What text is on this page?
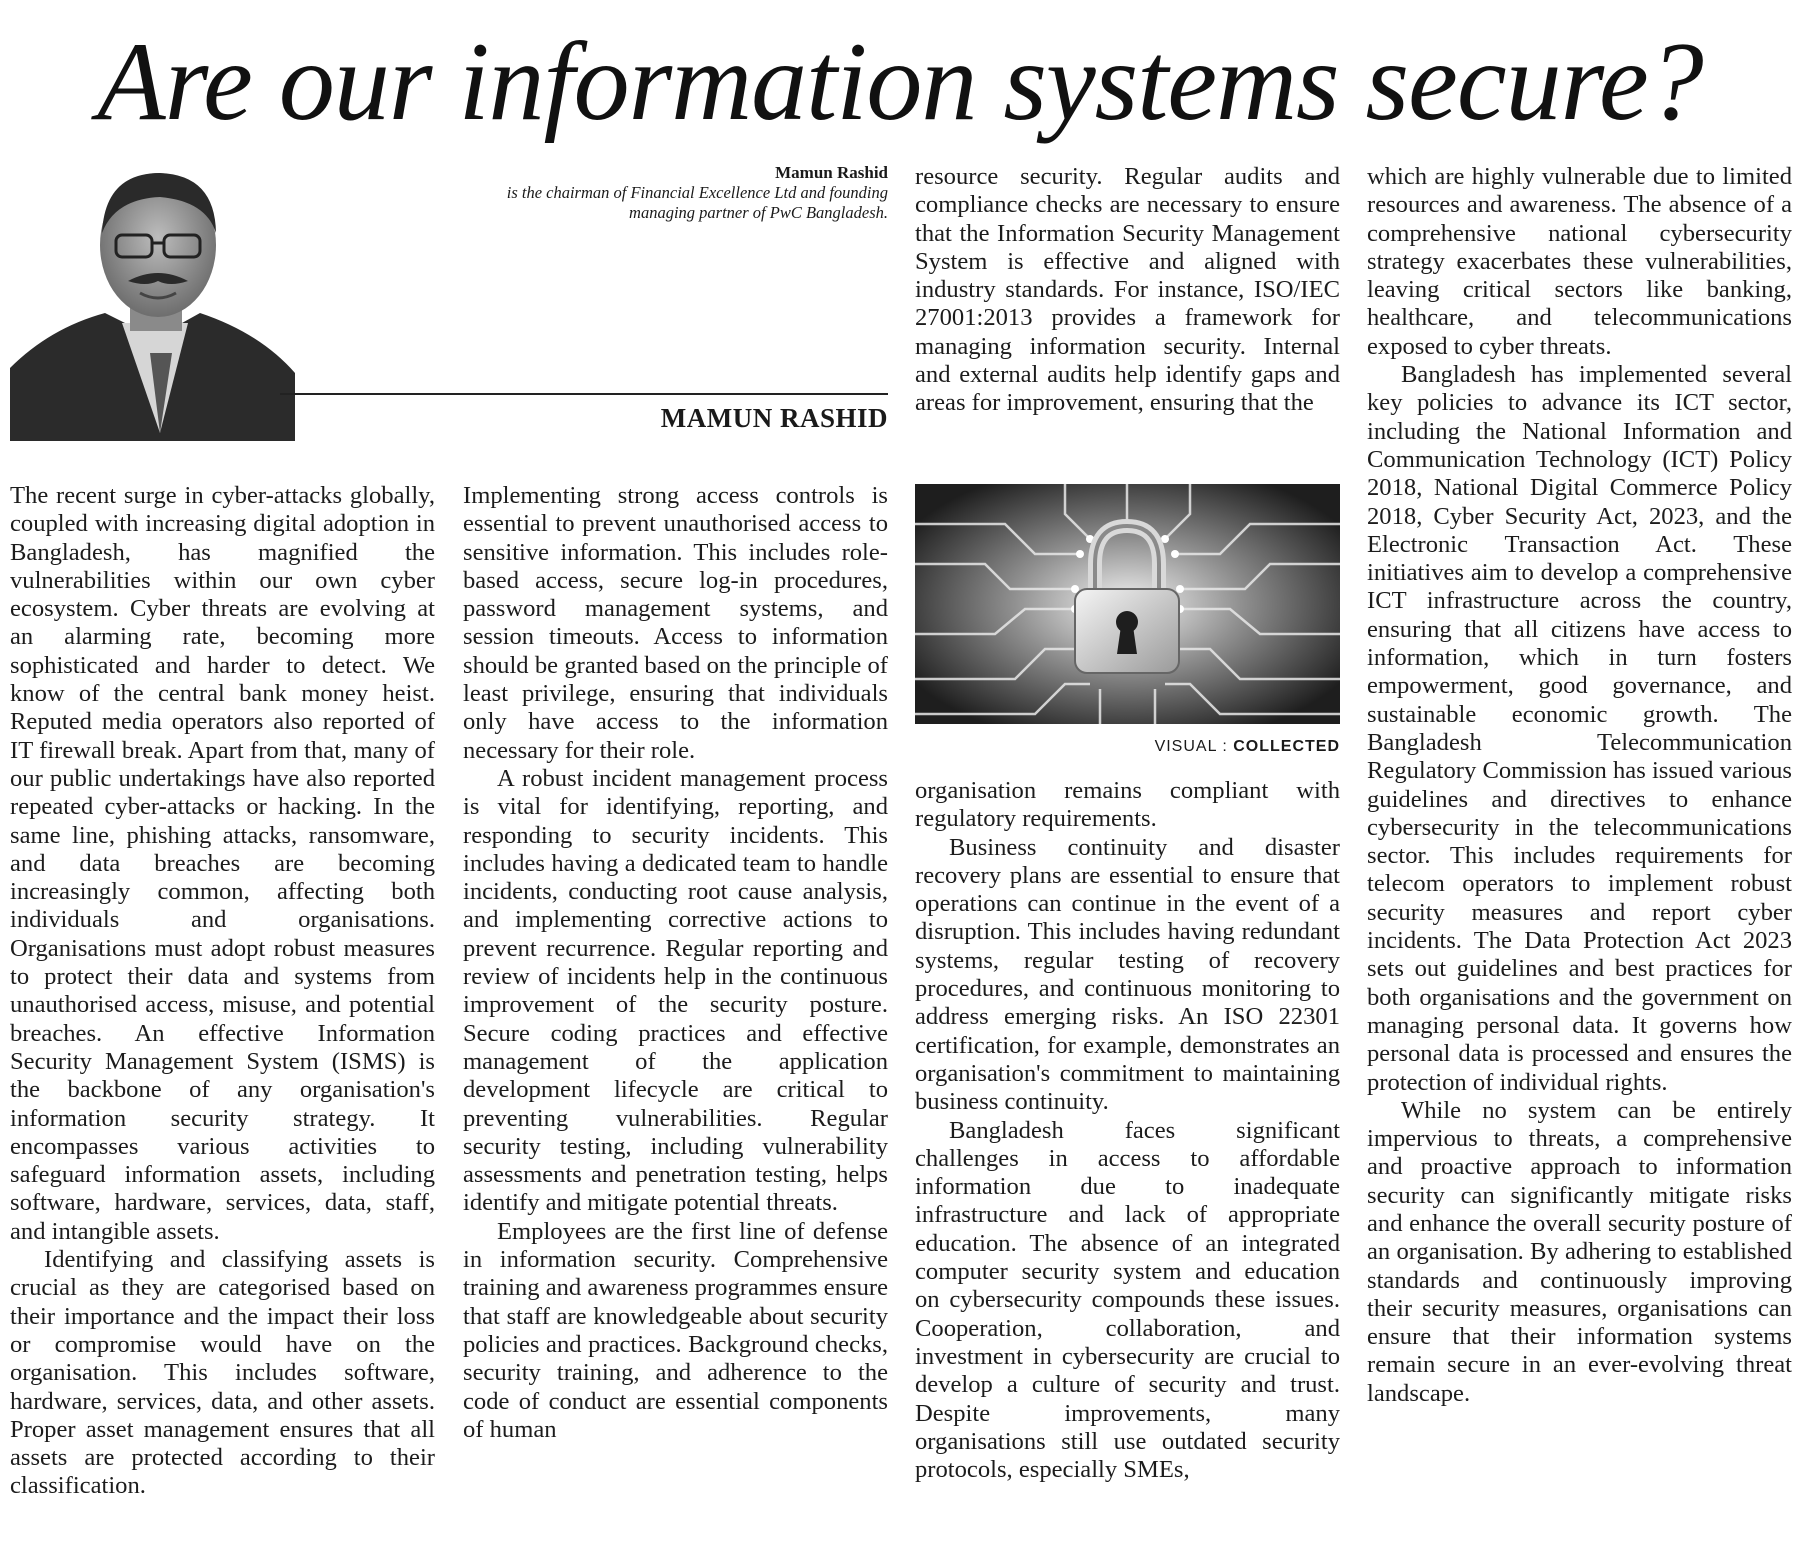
Are our information systems secure?
Mamun Rashid
is the chairman of Financial Excellence Ltd and founding managing partner of PwC Bangladesh.
MAMUN RASHID

The recent surge in cyber-attacks globally, coupled with increasing digital adoption in Bangladesh, has magnified the vulnerabilities within our own cyber ecosystem. Cyber threats are evolving at an alarming rate, becoming more sophisticated and harder to detect. We know of the central bank money heist. Reputed media operators also reported of IT firewall break. Apart from that, many of our public undertakings have also reported repeated cyber-attacks or hacking. In the same line, phishing attacks, ransomware, and data breaches are becoming increasingly common, affecting both individuals and organisations. Organisations must adopt robust measures to protect their data and systems from unauthorised access, misuse, and potential breaches. An effective Information Security Management System (ISMS) is the backbone of any organisation's information security strategy. It encompasses various activities to safeguard information assets, including software, hardware, services, data, staff, and intangible assets.

Identifying and classifying assets is crucial as they are categorised based on their importance and the impact their loss or compromise would have on the organisation. This includes software, hardware, services, data, and other assets. Proper asset management ensures that all assets are protected according to their classification.

Implementing strong access controls is essential to prevent unauthorised access to sensitive information. This includes role-based access, secure log-in procedures, password management systems, and session timeouts. Access to information should be granted based on the principle of least privilege, ensuring that individuals only have access to the information necessary for their role.

A robust incident management process is vital for identifying, reporting, and responding to security incidents. This includes having a dedicated team to handle incidents, conducting root cause analysis, and implementing corrective actions to prevent recurrence. Regular reporting and review of incidents help in the continuous improvement of the security posture. Secure coding practices and effective management of the application development lifecycle are critical to preventing vulnerabilities. Regular security testing, including vulnerability assessments and penetration testing, helps identify and mitigate potential threats.

Employees are the first line of defense in information security. Comprehensive training and awareness programmes ensure that staff are knowledgeable about security policies and practices. Background checks, security training, and adherence to the code of conduct are essential components of human

resource security. Regular audits and compliance checks are necessary to ensure that the Information Security Management System is effective and aligned with industry standards. For instance, ISO/IEC 27001:2013 provides a framework for managing information security. Internal and external audits help identify gaps and areas for improvement, ensuring that the

VISUAL : COLLECTED

organisation remains compliant with regulatory requirements.

Business continuity and disaster recovery plans are essential to ensure that operations can continue in the event of a disruption. This includes having redundant systems, regular testing of recovery procedures, and continuous monitoring to address emerging risks. An ISO 22301 certification, for example, demonstrates an organisation's commitment to maintaining business continuity.

Bangladesh faces significant challenges in access to affordable information due to inadequate infrastructure and lack of appropriate education. The absence of an integrated computer security system and education on cybersecurity compounds these issues. Cooperation, collaboration, and investment in cybersecurity are crucial to develop a culture of security and trust. Despite improvements, many organisations still use outdated security protocols, especially SMEs,

which are highly vulnerable due to limited resources and awareness. The absence of a comprehensive national cybersecurity strategy exacerbates these vulnerabilities, leaving critical sectors like banking, healthcare, and telecommunications exposed to cyber threats.

Bangladesh has implemented several key policies to advance its ICT sector, including the National Information and Communication Technology (ICT) Policy 2018, National Digital Commerce Policy 2018, Cyber Security Act, 2023, and the Electronic Transaction Act. These initiatives aim to develop a comprehensive ICT infrastructure across the country, ensuring that all citizens have access to information, which in turn fosters empowerment, good governance, and sustainable economic growth. The Bangladesh Telecommunication Regulatory Commission has issued various guidelines and directives to enhance cybersecurity in the telecommunications sector. This includes requirements for telecom operators to implement robust security measures and report cyber incidents. The Data Protection Act 2023 sets out guidelines and best practices for both organisations and the government on managing personal data. It governs how personal data is processed and ensures the protection of individual rights.

While no system can be entirely impervious to threats, a comprehensive and proactive approach to information security can significantly mitigate risks and enhance the overall security posture of an organisation. By adhering to established standards and continuously improving their security measures, organisations can ensure that their information systems remain secure in an ever-evolving threat landscape.
